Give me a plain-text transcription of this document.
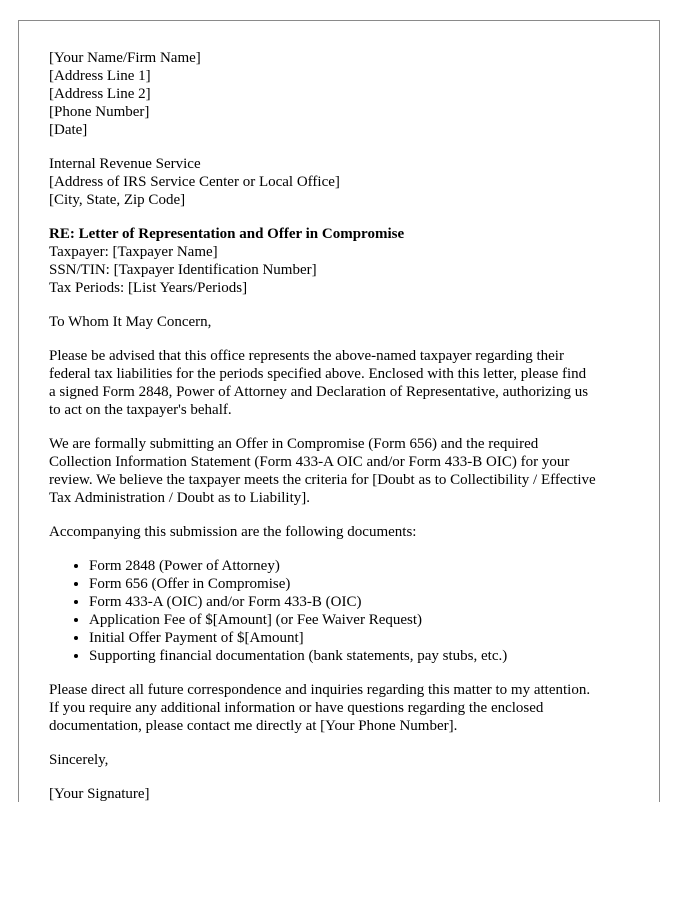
[Your Name/Firm Name]
[Address Line 1]
[Address Line 2]
[Phone Number]
[Date]
Internal Revenue Service
[Address of IRS Service Center or Local Office]
[City, State, Zip Code]
RE: Letter of Representation and Offer in Compromise
Taxpayer: [Taxpayer Name]
SSN/TIN: [Taxpayer Identification Number]
Tax Periods: [List Years/Periods]
To Whom It May Concern,
Please be advised that this office represents the above-named taxpayer regarding their
federal tax liabilities for the periods specified above. Enclosed with this letter, please find
a signed Form 2848, Power of Attorney and Declaration of Representative, authorizing us
to act on the taxpayer's behalf.
We are formally submitting an Offer in Compromise (Form 656) and the required
Collection Information Statement (Form 433-A OIC and/or Form 433-B OIC) for your
review. We believe the taxpayer meets the criteria for [Doubt as to Collectibility / Effective
Tax Administration / Doubt as to Liability].
Accompanying this submission are the following documents:
• Form 2848 (Power of Attorney)
• Form 656 (Offer in Compromise)
• Form 433-A (OIC) and/or Form 433-B (OIC)
• Application Fee of $[Amount] (or Fee Waiver Request)
• Initial Offer Payment of $[Amount]
• Supporting financial documentation (bank statements, pay stubs, etc.)
Please direct all future correspondence and inquiries regarding this matter to my attention.
If you require any additional information or have questions regarding the enclosed
documentation, please contact me directly at [Your Phone Number].
Sincerely,
[Your Signature]
